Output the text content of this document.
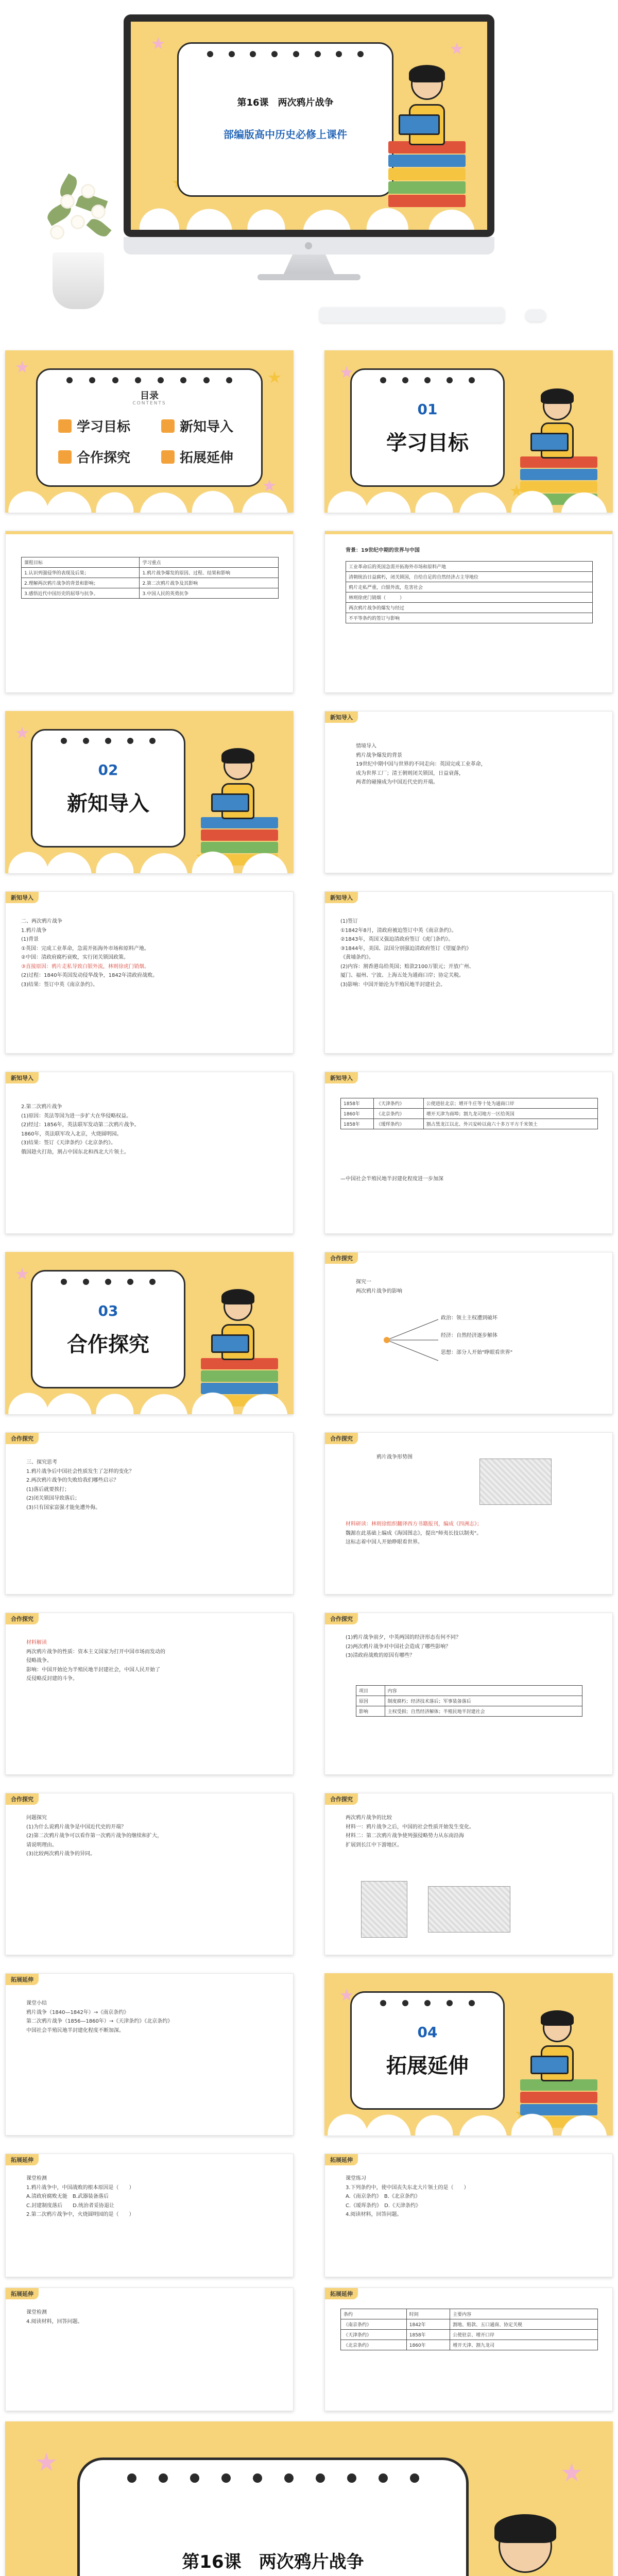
第16课　两次鸦片战争
部编版高中历史必修上课件
目录
CONTENTS
学习目标	新知导入
合作探究	拓展延伸
01
学习目标
课程目标	学习重点
1.认识列强侵华的表现及后果；	1.鸦片战争爆发的原因、过程、结果和影响
2.理解两次鸦片战争的背景和影响；	2.第二次鸦片战争及其影响
3.感悟近代中国历史的屈辱与抗争。	3.中国人民的英勇抗争
背景：19世纪中期的世界与中国
工业革命后的英国急需开拓海外市场和原料产地
清朝统治日益腐朽，闭关锁国，自给自足的自然经济占主导地位
鸦片走私严重，白银外流，危害社会
林则徐虎门销烟（　　　）
两次鸦片战争的爆发与经过
不平等条约的签订与影响
02
新知导入
新知导入

情境导入

鸦片战争爆发的背景

19世纪中期中国与世界的不同走向：英国完成工业革命，

成为世界工厂；清王朝则闭关锁国，日益衰落，

两者的碰撞成为中国近代史的开端。

新知导入

二、两次鸦片战争

1.鸦片战争

(1)背景

①英国：完成工业革命，急需开拓海外市场和原料产地。

②中国：清政府腐朽衰败，实行闭关锁国政策。

③直接原因：鸦片走私导致白银外流，林则徐虎门销烟。

(2)过程：1840年英国发动侵华战争，1842年清政府战败。

(3)结果：签订中英《南京条约》。

新知导入

(1)签订

①1842年8月，清政府被迫签订中英《南京条约》。

②1843年，英国又强迫清政府签订《虎门条约》。

③1844年，美国、法国分别强迫清政府签订《望厦条约》

《黄埔条约》。

(2)内容：割香港岛给英国；赔款2100万银元；开放广州、

厦门、福州、宁波、上海五处为通商口岸；协定关税。

(3)影响：中国开始沦为半殖民地半封建社会。

新知导入

2.第二次鸦片战争

(1)原因：英法等国为进一步扩大在华侵略权益。

(2)经过：1856年，英法联军发动第二次鸦片战争。

1860年，英法联军攻入北京，火烧圆明园。

(3)结果：签订《天津条约》《北京条约》。

俄国趁火打劫，割占中国东北和西北大片领土。

新知导入
1858年	《天津条约》	公使进驻北京；增开牛庄等十处为通商口岸
1860年	《北京条约》	增开天津为商埠；割九龙司地方一区给英国
1858年	《瑷珲条约》	割占黑龙江以北、外兴安岭以南六十多万平方千米领土
—中国社会半殖民地半封建化程度进一步加深
03
合作探究
合作探究

探究一

两次鸦片战争的影响

政治：领土主权遭到破坏

经济：自然经济逐步解体

思想：部分人开始"睁眼看世界"

合作探究

三、探究思考

1.鸦片战争后中国社会性质发生了怎样的变化？

2.两次鸦片战争的失败给我们哪些启示？

(1)落后就要挨打；

(2)闭关锁国导致落后；

(3)只有国家富强才能免遭外侮。

合作探究
鸦片战争形势图

材料研读：林则徐组织翻译西方书籍报刊，编成《四洲志》；

魏源在此基础上编成《海国图志》，提出"师夷长技以制夷"。

这标志着中国人开始睁眼看世界。

合作探究

材料解读

两次鸦片战争的性质：资本主义国家为打开中国市场而发动的

侵略战争。

影响：中国开始沦为半殖民地半封建社会，中国人民开始了

反侵略反封建的斗争。

合作探究

(1)鸦片战争前夕，中英两国的经济形态有何不同？

(2)两次鸦片战争对中国社会造成了哪些影响？

(3)清政府战败的原因有哪些？

项目	内容
原因	制度腐朽；经济技术落后；军事装备落后
影响	主权受损；自然经济解体；半殖民地半封建社会
合作探究

问题探究

(1)为什么说鸦片战争是中国近代史的开端？

(2)第二次鸦片战争可以看作第一次鸦片战争的继续和扩大，

请说明理由。

(3)比较两次鸦片战争的异同。

合作探究

两次鸦片战争的比较

材料一：鸦片战争之后，中国的社会性质开始发生变化。

材料二：第二次鸦片战争使列强侵略势力从东南沿海

扩展到长江中下游地区。

拓展延伸

课堂小结

鸦片战争（1840—1842年）→《南京条约》

第二次鸦片战争（1856—1860年）→《天津条约》《北京条约》

中国社会半殖民地半封建化程度不断加深。	04
拓展延伸
拓展延伸

课堂检测

1.鸦片战争中，中国战败的根本原因是（　　）

A.清政府腐败无能　B.武器装备落后

C.封建制度落后　　D.统治者妥协退让

2.第二次鸦片战争中，火烧圆明园的是（　　）

拓展延伸

课堂练习

3.下列条约中，使中国丧失东北大片领土的是（　　）

A.《南京条约》　B.《北京条约》

C.《瑷珲条约》　D.《天津条约》

4.阅读材料，回答问题。

拓展延伸

课堂检测

4.阅读材料，回答问题。

拓展延伸
条约	时间	主要内容
《南京条约》	1842年	割地、赔款、五口通商、协定关税
《天津条约》	1858年	公使驻京、增开口岸
《北京条约》	1860年	增开天津、割九龙司
第16课　两次鸦片战争
